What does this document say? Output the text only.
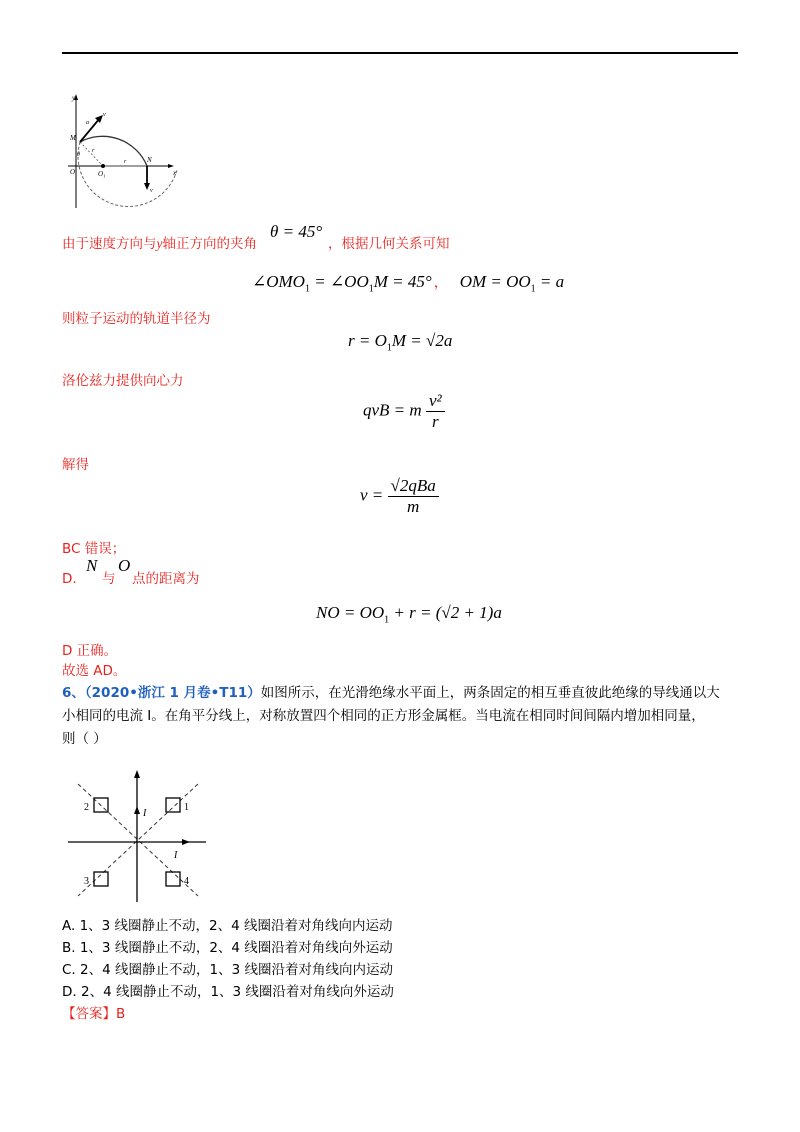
y
x
M
N
O	O₁
v
v
a
r
r
θ
由于速度方向与y轴正方向的夹角
θ = 45°
，根据几何关系可知
$\angle OMO_1$ = $\angle OO_1M = 45^\circ$ ， OM = $OO_1 = a$
则粒子运动的轨道半径为
$r = O_1M = √2a$
洛伦兹力提供向心力
qvB = m $\frac{\text{v²}}{r}$
解得
$v = \frac{\text{√2qBa}}{m}$
BC 错误；
D.
N
与
O
点的距离为
NO = $OO_1 + r = (√2 + 1)a$
D 正确。
故选 AD。
6、（2020•浙江 1 月卷•T11）如图所示，在光滑绝缘水平面上，两条固定的相互垂直彼此绝缘的导线通以大
小相同的电流 I。在角平分线上，对称放置四个相同的正方形金属框。当电流在相同时间间隔内增加相同量，
则（ ）
2	1
3	4
I
I
A. 1、3 线圈静止不动，2、4 线圈沿着对角线向内运动
B. 1、3 线圈静止不动，2、4 线圈沿着对角线向外运动
C. 2、4 线圈静止不动，1、3 线圈沿着对角线向内运动
D. 2、4 线圈静止不动，1、3 线圈沿着对角线向外运动
【答案】B
